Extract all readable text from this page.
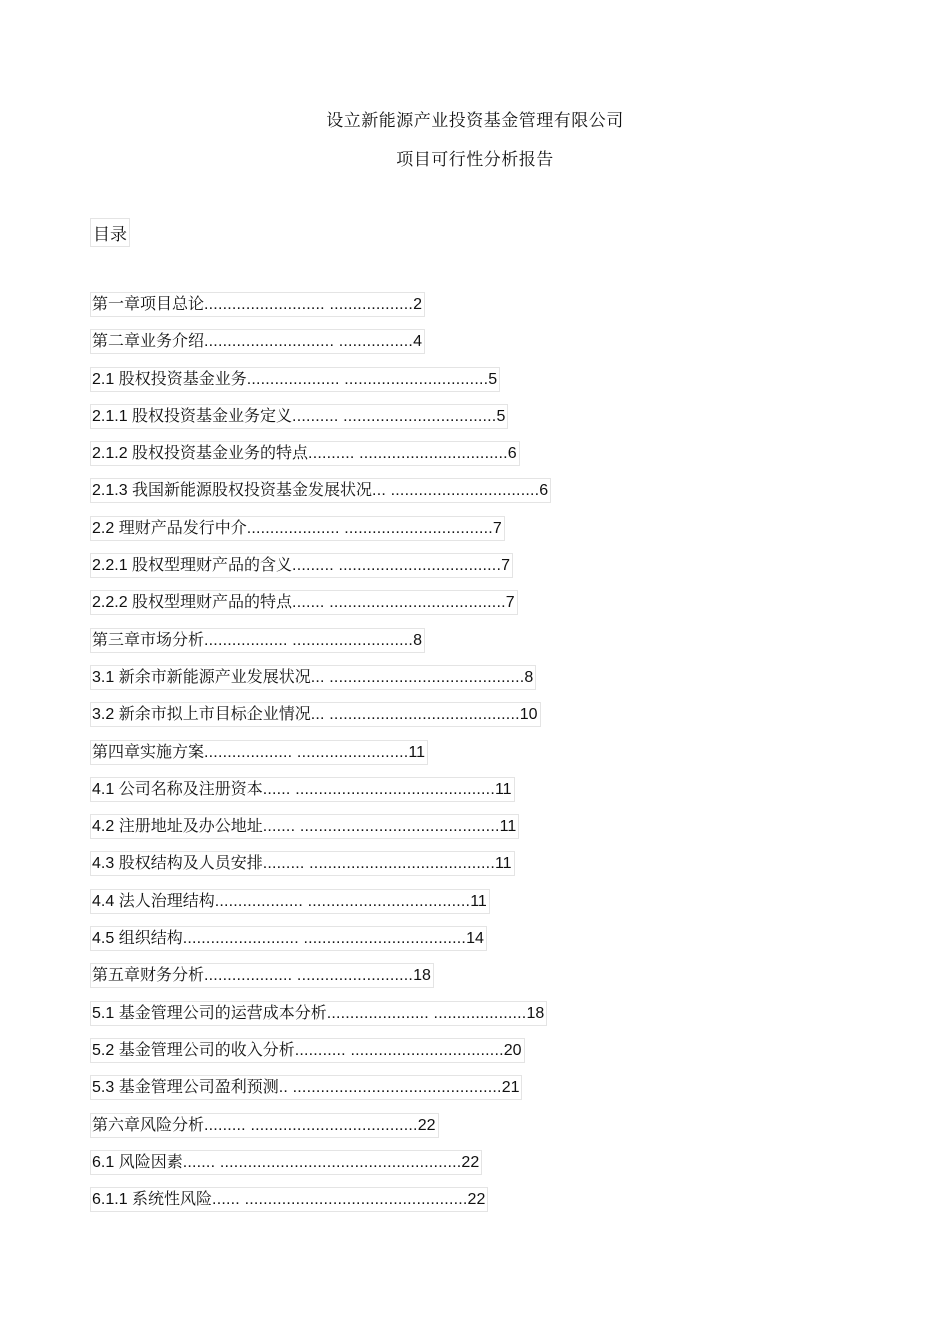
设立新能源产业投资基金管理有限公司
项目可行性分析报告
目录
第一章项目总论.......................... ..................2
第二章业务介绍............................ ................4
2.1 股权投资基金业务.................... ...............................5
2.1.1 股权投资基金业务定义.......... .................................5
2.1.2 股权投资基金业务的特点.......... ................................6
2.1.3 我国新能源股权投资基金发展状况... ................................6
2.2 理财产品发行中介.................... ................................7
2.2.1 股权型理财产品的含义......... ...................................7
2.2.2 股权型理财产品的特点....... ......................................7
第三章市场分析.................. ..........................8
3.1 新余市新能源产业发展状况... ..........................................8
3.2 新余市拟上市目标企业情况... .........................................10
第四章实施方案................... ........................11
4.1 公司名称及注册资本...... ...........................................11
4.2 注册地址及办公地址....... ...........................................11
4.3 股权结构及人员安排......... ........................................11
4.4 法人治理结构................... ...................................11
4.5 组织结构......................... ...................................14
第五章财务分析................... .........................18
5.1 基金管理公司的运营成本分析...................... ....................18
5.2 基金管理公司的收入分析........... .................................20
5.3 基金管理公司盈利预测.. .............................................21
第六章风险分析......... ....................................22
6.1 风险因素....... ....................................................22
6.1.1 系统性风险...... ................................................22
